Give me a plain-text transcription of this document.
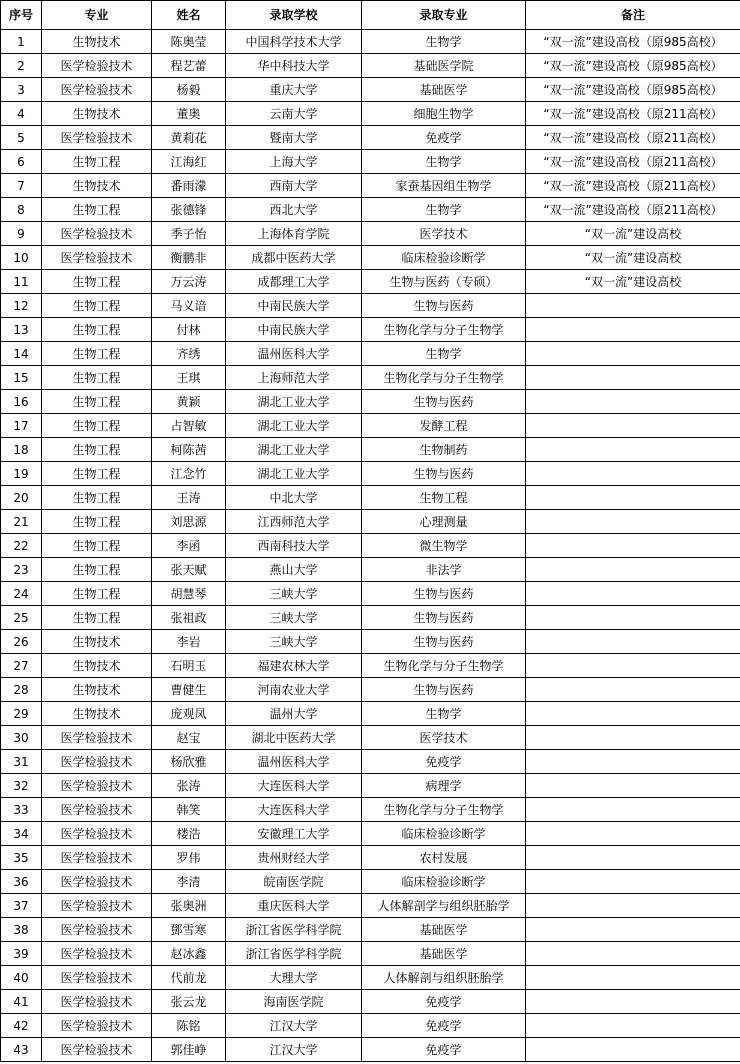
序号	专业	姓名	录取学校	录取专业	备注
1	生物技术	陈奥莹	中国科学技术大学	生物学	“双一流”建设高校（原985高校）
2	医学检验技术	程艺蕾	华中科技大学	基础医学院	“双一流”建设高校（原985高校）
3	医学检验技术	杨毅	重庆大学	基础医学	“双一流”建设高校（原985高校）
4	生物技术	董奥	云南大学	细胞生物学	“双一流”建设高校（原211高校）
5	医学检验技术	黄莉花	暨南大学	免疫学	“双一流”建设高校（原211高校）
6	生物工程	江海红	上海大学	生物学	“双一流”建设高校（原211高校）
7	生物技术	番雨濛	西南大学	家蚕基因组生物学	“双一流”建设高校（原211高校）
8	生物工程	张德锋	西北大学	生物学	“双一流”建设高校（原211高校）
9	医学检验技术	季子怡	上海体育学院	医学技术	“双一流”建设高校
10	医学检验技术	衡鹏非	成都中医药大学	临床检验诊断学	“双一流”建设高校
11	生物工程	万云涛	成都理工大学	生物与医药（专硕）	“双一流”建设高校
12	生物工程	马义谙	中南民族大学	生物与医药	
13	生物工程	付林	中南民族大学	生物化学与分子生物学	
14	生物工程	齐绣	温州医科大学	生物学	
15	生物工程	王琪	上海师范大学	生物化学与分子生物学	
16	生物工程	黄颖	湖北工业大学	生物与医药	
17	生物工程	占智敏	湖北工业大学	发酵工程	
18	生物工程	柯陈茜	湖北工业大学	生物制药	
19	生物工程	江念竹	湖北工业大学	生物与医药	
20	生物工程	王涛	中北大学	生物工程	
21	生物工程	刘思源	江西师范大学	心理测量	
22	生物工程	李函	西南科技大学	微生物学	
23	生物工程	张天赋	燕山大学	非法学	
24	生物工程	胡慧琴	三峡大学	生物与医药	
25	生物工程	张祖政	三峡大学	生物与医药	
26	生物技术	李岩	三峡大学	生物与医药	
27	生物技术	石明玉	福建农林大学	生物化学与分子生物学	
28	生物技术	曹健生	河南农业大学	生物与医药	
29	生物技术	庞观凤	温州大学	生物学	
30	医学检验技术	赵宝	湖北中医药大学	医学技术	
31	医学检验技术	杨欣雅	温州医科大学	免疫学	
32	医学检验技术	张涛	大连医科大学	病理学	
33	医学检验技术	韩笑	大连医科大学	生物化学与分子生物学	
34	医学检验技术	楼浩	安徽理工大学	临床检验诊断学	
35	医学检验技术	罗伟	贵州财经大学	农村发展	
36	医学检验技术	李清	皖南医学院	临床检验诊断学	
37	医学检验技术	张奥洲	重庆医科大学	人体解剖学与组织胚胎学	
38	医学检验技术	鄧雪寒	浙江省医学科学院	基础医学	
39	医学检验技术	赵冰鑫	浙江省医学科学院	基础医学	
40	医学检验技术	代前龙	大理大学	人体解剖与组织胚胎学	
41	医学检验技术	张云龙	海南医学院	免疫学	
42	医学检验技术	陈铭	江汉大学	免疫学	
43	医学检验技术	郭佳峥	江汉大学	免疫学	
